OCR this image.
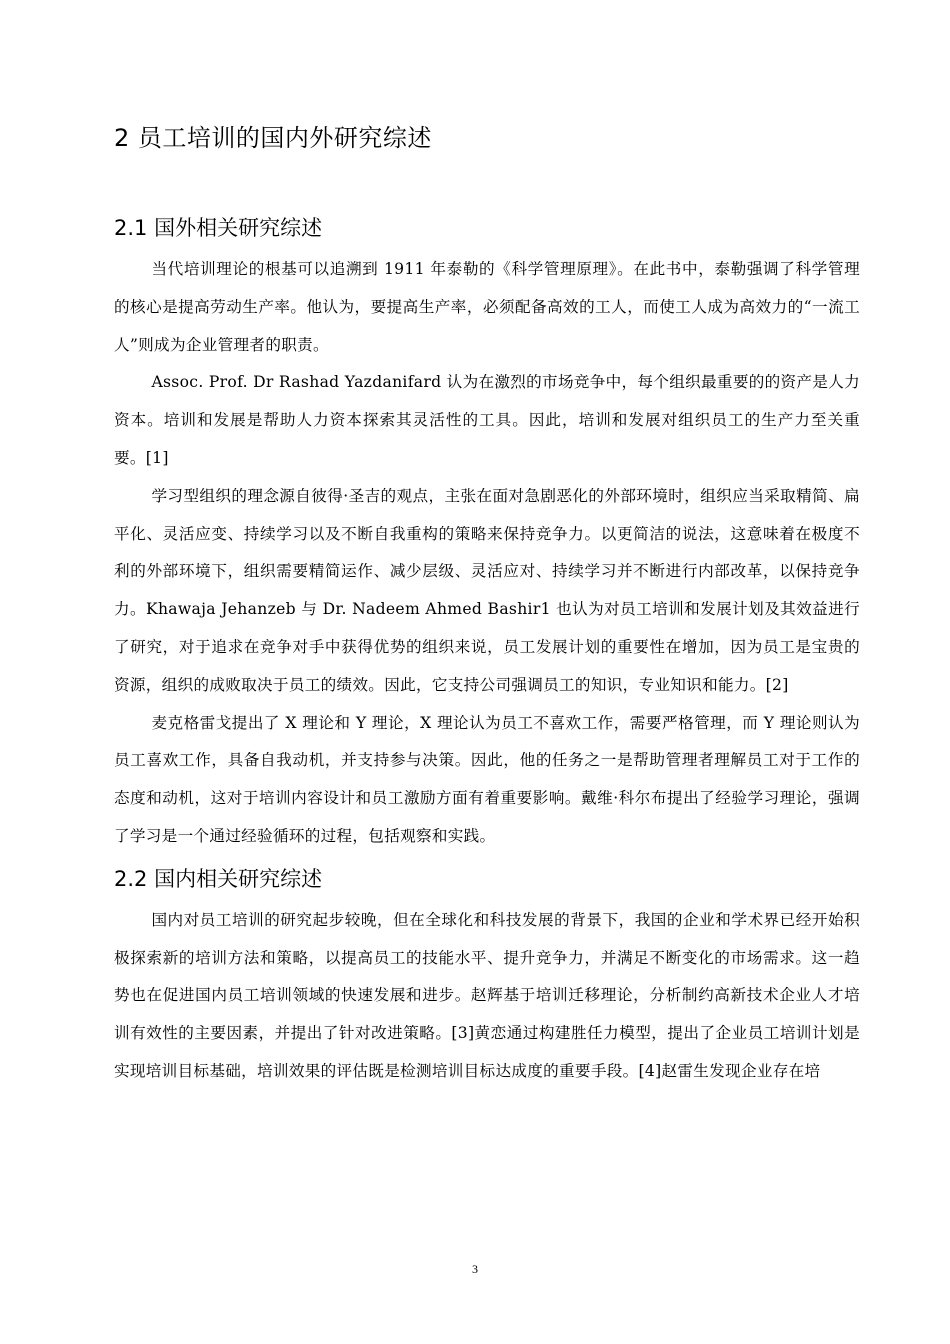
2 员工培训的国内外研究综述
2.1 国外相关研究综述

当代培训理论的根基可以追溯到 1911 年泰勒的《科学管理原理》。在此书中，泰勒强调了科学管理的核心是提高劳动生产率。他认为，要提高生产率，必须配备高效的工人，而使工人成为高效力的“一流工人”则成为企业管理者的职责。

Assoc. Prof. Dr Rashad Yazdanifard 认为在激烈的市场竞争中，每个组织最重要的的资产是人力资本。培训和发展是帮助人力资本探索其灵活性的工具。因此，培训和发展对组织员工的生产力至关重要。[1]

学习型组织的理念源自彼得·圣吉的观点，主张在面对急剧恶化的外部环境时，组织应当采取精简、扁平化、灵活应变、持续学习以及不断自我重构的策略来保持竞争力。以更简洁的说法，这意味着在极度不利的外部环境下，组织需要精简运作、减少层级、灵活应对、持续学习并不断进行内部改革，以保持竞争力。Khawaja Jehanzeb 与 Dr. Nadeem Ahmed Bashir1 也认为对员工培训和发展计划及其效益进行了研究，对于追求在竞争对手中获得优势的组织来说，员工发展计划的重要性在增加，因为员工是宝贵的资源，组织的成败取决于员工的绩效。因此，它支持公司强调员工的知识，专业知识和能力。[2]

麦克格雷戈提出了 X 理论和 Y 理论，X 理论认为员工不喜欢工作，需要严格管理，而 Y 理论则认为员工喜欢工作，具备自我动机，并支持参与决策。因此，他的任务之一是帮助管理者理解员工对于工作的态度和动机，这对于培训内容设计和员工激励方面有着重要影响。戴维·科尔布提出了经验学习理论，强调了学习是一个通过经验循环的过程，包括观察和实践。

2.2 国内相关研究综述

国内对员工培训的研究起步较晚，但在全球化和科技发展的背景下，我国的企业和学术界已经开始积极探索新的培训方法和策略，以提高员工的技能水平、提升竞争力，并满足不断变化的市场需求。这一趋势也在促进国内员工培训领域的快速发展和进步。赵辉基于培训迁移理论，分析制约高新技术企业人才培训有效性的主要因素，并提出了针对改进策略。[3]黄恋通过构建胜任力模型，提出了企业员工培训计划是实现培训目标基础，培训效果的评估既是检测培训目标达成度的重要手段。[4]赵雷生发现企业存在培

3
